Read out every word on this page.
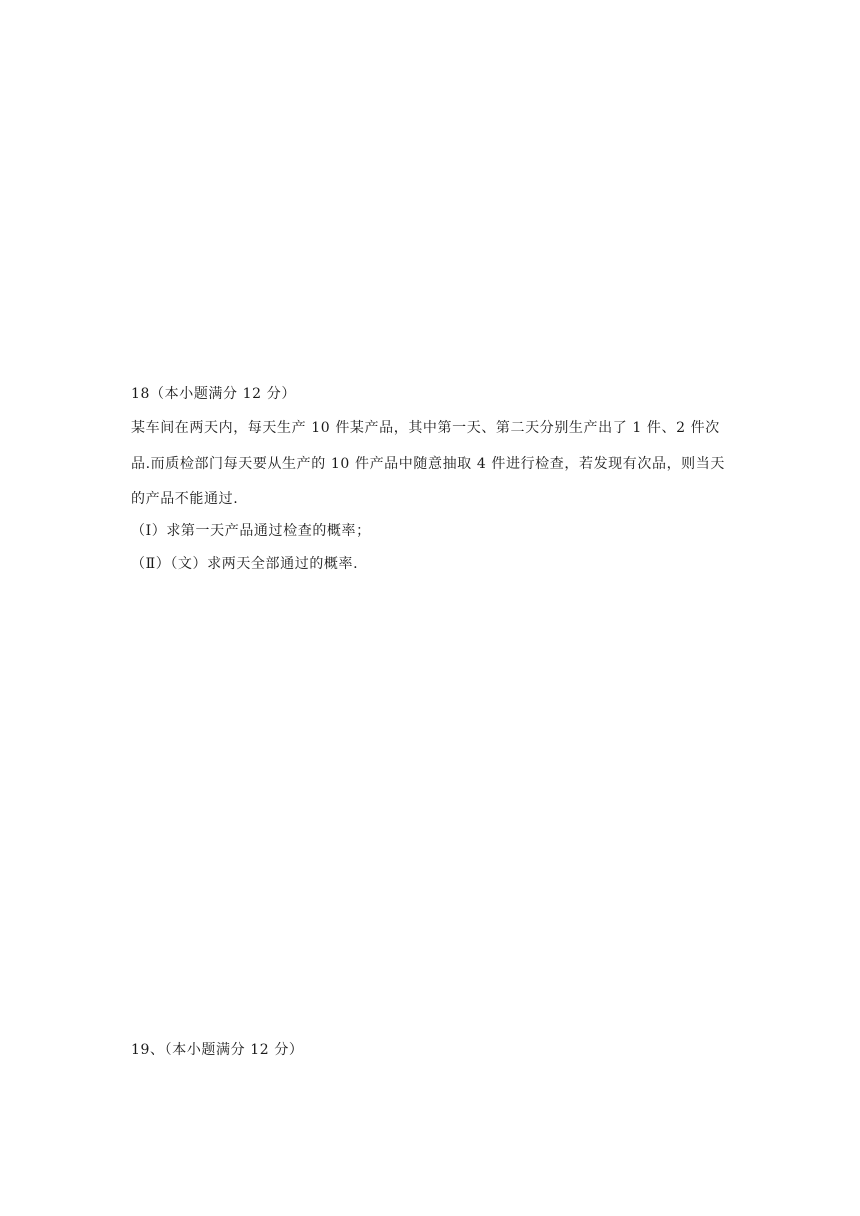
18（本小题满分 12 分）
某车间在两天内，每天生产 10 件某产品，其中第一天、第二天分别生产出了 1 件、2 件次
品.而质检部门每天要从生产的 10 件产品中随意抽取 4 件进行检查，若发现有次品，则当天
的产品不能通过.
（Ⅰ）求第一天产品通过检查的概率；
（Ⅱ）（文）求两天全部通过的概率.
19、（本小题满分 12 分）
